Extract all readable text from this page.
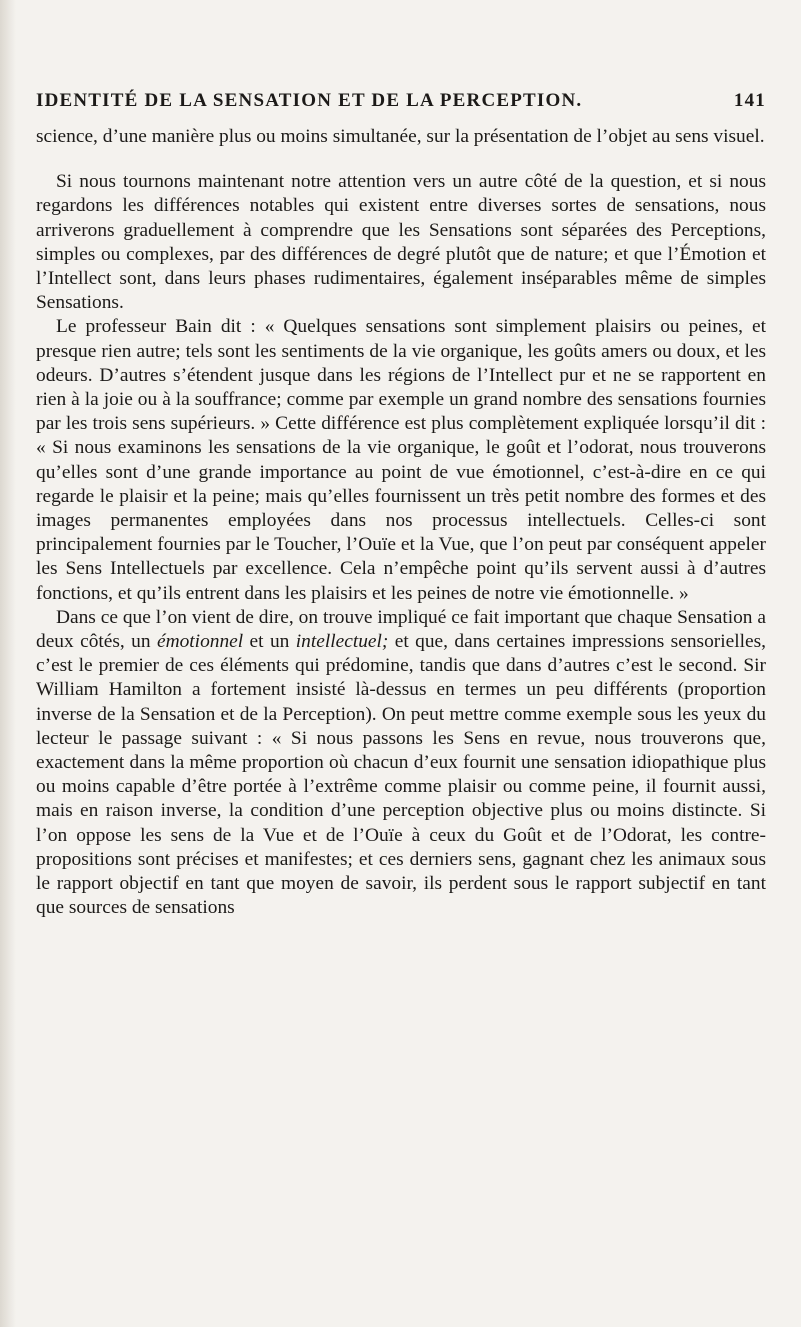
IDENTITÉ DE LA SENSATION ET DE LA PERCEPTION.	141

science, d’une manière plus ou moins simultanée, sur la présentation de l’objet au sens visuel.

Si nous tournons maintenant notre attention vers un autre côté de la question, et si nous regardons les différences notables qui existent entre diverses sortes de sensations, nous arriverons graduellement à comprendre que les Sensations sont séparées des Perceptions, simples ou complexes, par des différences de degré plutôt que de nature; et que l’Émotion et l’Intellect sont, dans leurs phases rudimentaires, également inséparables même de simples Sensations.

Le professeur Bain dit : « Quelques sensations sont simplement plaisirs ou peines, et presque rien autre; tels sont les sentiments de la vie organique, les goûts amers ou doux, et les odeurs. D’autres s’étendent jusque dans les régions de l’Intellect pur et ne se rapportent en rien à la joie ou à la souffrance; comme par exemple un grand nombre des sensations fournies par les trois sens supérieurs. » Cette différence est plus complètement expliquée lorsqu’il dit : « Si nous examinons les sensations de la vie organique, le goût et l’odorat, nous trouverons qu’elles sont d’une grande importance au point de vue émotionnel, c’est-à-dire en ce qui regarde le plaisir et la peine; mais qu’elles fournissent un très petit nombre des formes et des images permanentes employées dans nos processus intellectuels. Celles-ci sont principalement fournies par le Toucher, l’Ouïe et la Vue, que l’on peut par conséquent appeler les Sens Intellectuels par excellence. Cela n’empêche point qu’ils servent aussi à d’autres fonctions, et qu’ils entrent dans les plaisirs et les peines de notre vie émotionnelle. »

Dans ce que l’on vient de dire, on trouve impliqué ce fait important que chaque Sensation a deux côtés, un émotionnel et un intellectuel; et que, dans certaines impressions sensorielles, c’est le premier de ces éléments qui prédomine, tandis que dans d’autres c’est le second. Sir William Hamilton a fortement insisté là-dessus en termes un peu différents (proportion inverse de la Sensation et de la Perception). On peut mettre comme exemple sous les yeux du lecteur le passage suivant : « Si nous passons les Sens en revue, nous trouverons que, exactement dans la même proportion où chacun d’eux fournit une sensation idiopathique plus ou moins capable d’être portée à l’extrême comme plaisir ou comme peine, il fournit aussi, mais en raison inverse, la condition d’une perception objective plus ou moins distincte. Si l’on oppose les sens de la Vue et de l’Ouïe à ceux du Goût et de l’Odorat, les contre-propositions sont précises et manifestes; et ces derniers sens, gagnant chez les animaux sous le rapport objectif en tant que moyen de savoir, ils perdent sous le rapport subjectif en tant que sources de sensations
